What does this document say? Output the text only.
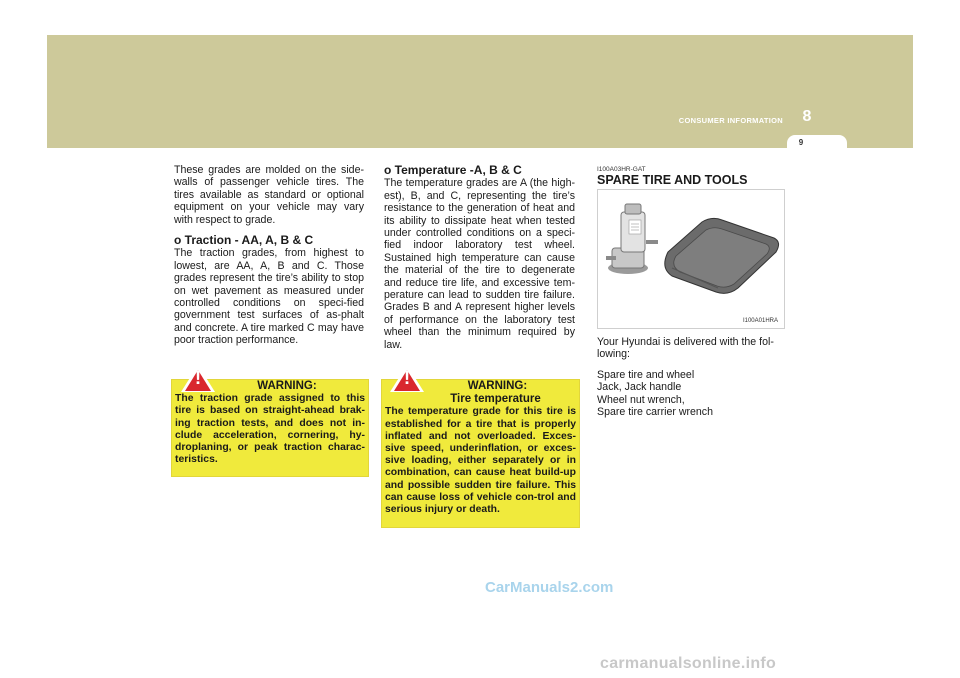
CONSUMER INFORMATION	8
9

These grades are molded on the side-walls of passenger vehicle tires. The tires available as standard or optional equipment on your vehicle may vary with respect to grade.

o Traction - AA, A, B & C

The traction grades, from highest to lowest, are AA, A, B and C. Those grades represent the tire’s ability to stop on wet pavement as measured under controlled conditions on speci-fied government test surfaces of as-phalt and concrete. A tire marked C may have poor traction performance.

WARNING:
The traction grade assigned to this tire is based on straight-ahead brak-ing traction tests, and does not in-clude acceleration, cornering, hy-droplaning, or peak traction charac-teristics.
!
o Temperature -A, B & C

The temperature grades are A (the high-est), B, and C, representing the tire’s resistance to the generation of heat and its ability to dissipate heat when tested under controlled conditions on a speci-fied indoor laboratory test wheel. Sustained high temperature can cause the material of the tire to degenerate and reduce tire life, and excessive tem-perature can lead to sudden tire failure. Grades B and A represent higher levels of performance on the laboratory test wheel than the minimum required by law.

WARNING:
Tire temperature
The temperature grade for this tire is established for a tire that is properly inflated and not overloaded. Exces-sive speed, underinflation, or exces-sive loading, either separately or in combination, can cause heat build-up and possible sudden tire failure. This can cause loss of vehicle con-trol and serious injury or death.
!

I100A03HR-GAT

SPARE TIRE AND TOOLS
I100A01HRA

Your Hyundai is delivered with the fol-lowing:

Spare tire and wheel
Jack, Jack handle
Wheel nut wrench,
Spare tire carrier wrench
CarManuals2.com
carmanualsonline.info
